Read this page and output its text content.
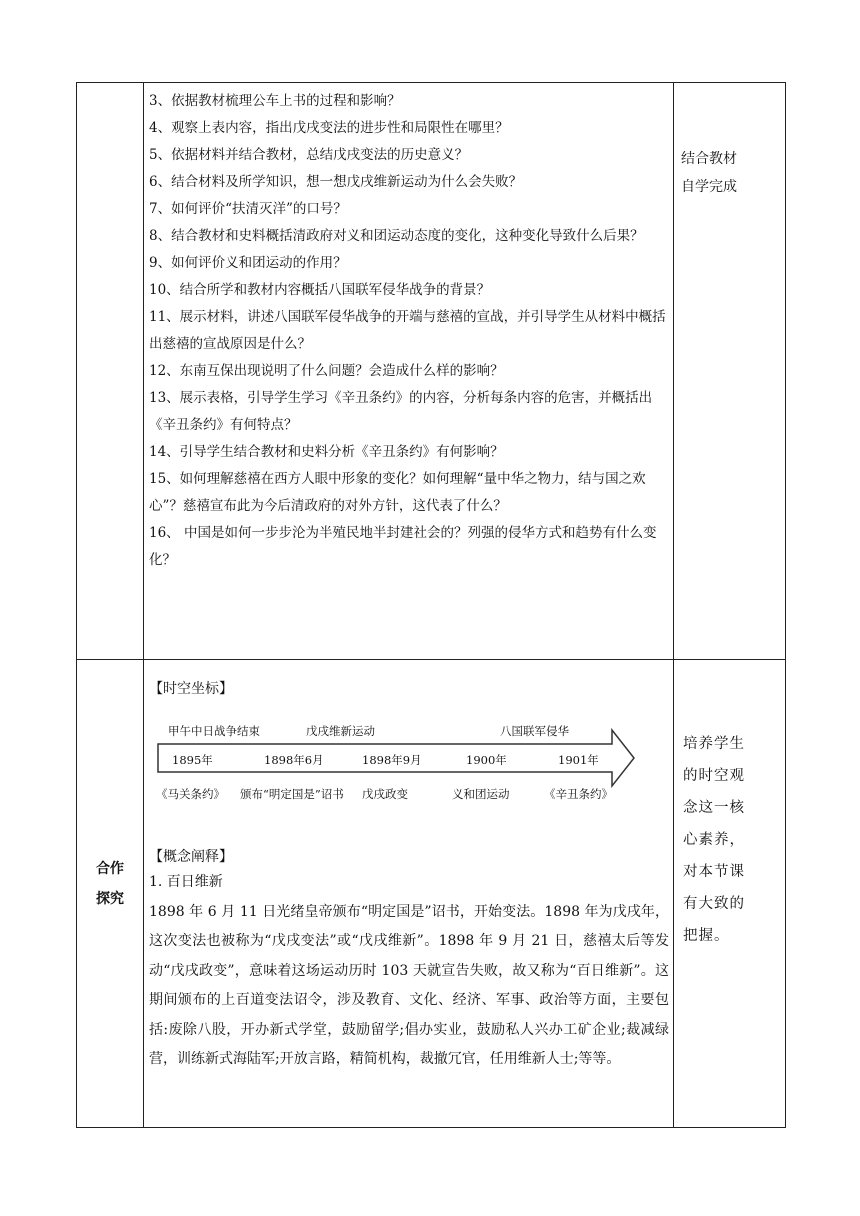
3、依据教材梳理公车上书的过程和影响？

4、观察上表内容，指出戊戌变法的进步性和局限性在哪里？

5、依据材料并结合教材，总结戊戌变法的历史意义？

6、结合材料及所学知识，想一想戊戌维新运动为什么会失败？

7、如何评价“扶清灭洋”的口号？

8、结合教材和史料概括清政府对义和团运动态度的变化，这种变化导致什么后果？

9、如何评价义和团运动的作用？

10、结合所学和教材内容概括八国联军侵华战争的背景？

11、展示材料，讲述八国联军侵华战争的开端与慈禧的宣战，并引导学生从材料中概括出慈禧的宣战原因是什么？

12、东南互保出现说明了什么问题？会造成什么样的影响？

13、展示表格，引导学生学习《辛丑条约》的内容，分析每条内容的危害，并概括出《辛丑条约》有何特点？

14、引导学生结合教材和史料分析《辛丑条约》有何影响？

15、如何理解慈禧在西方人眼中形象的变化？如何理解“量中华之物力，结与国之欢心”？慈禧宣布此为今后清政府的对外方针，这代表了什么？

16、 中国是如何一步步沦为半殖民地半封建社会的？列强的侵华方式和趋势有什么变化？

结合教材
自学完成
合作
探究
【时空坐标】
【概念阐释】

1. 百日维新

1898 年 6 月 11 日光绪皇帝颁布“明定国是”诏书，开始变法。1898 年为戊戌年，这次变法也被称为“戊戌变法”或“戊戌维新”。1898 年 9 月 21 日，慈禧太后等发动“戊戌政变”，意味着这场运动历时 103 天就宣告失败，故又称为“百日维新”。这期间颁布的上百道变法诏令，涉及教育、文化、经济、军事、政治等方面，主要包括:废除八股，开办新式学堂，鼓励留学;倡办实业，鼓励私人兴办工矿企业;裁减绿营，训练新式海陆军;开放言路，精简机构，裁撤冗官，任用维新人士;等等。

培养学生的时空观念这一核心素养，对本节课有大致的把握。
甲午中日战争结束	戊戌维新运动	八国联军侵华
1895年	1898年6月	1898年9月	1900年	1901年
《马关条约》 颁布“明定国是”诏书 戊戌政变	义和团运动	《辛丑条约》
